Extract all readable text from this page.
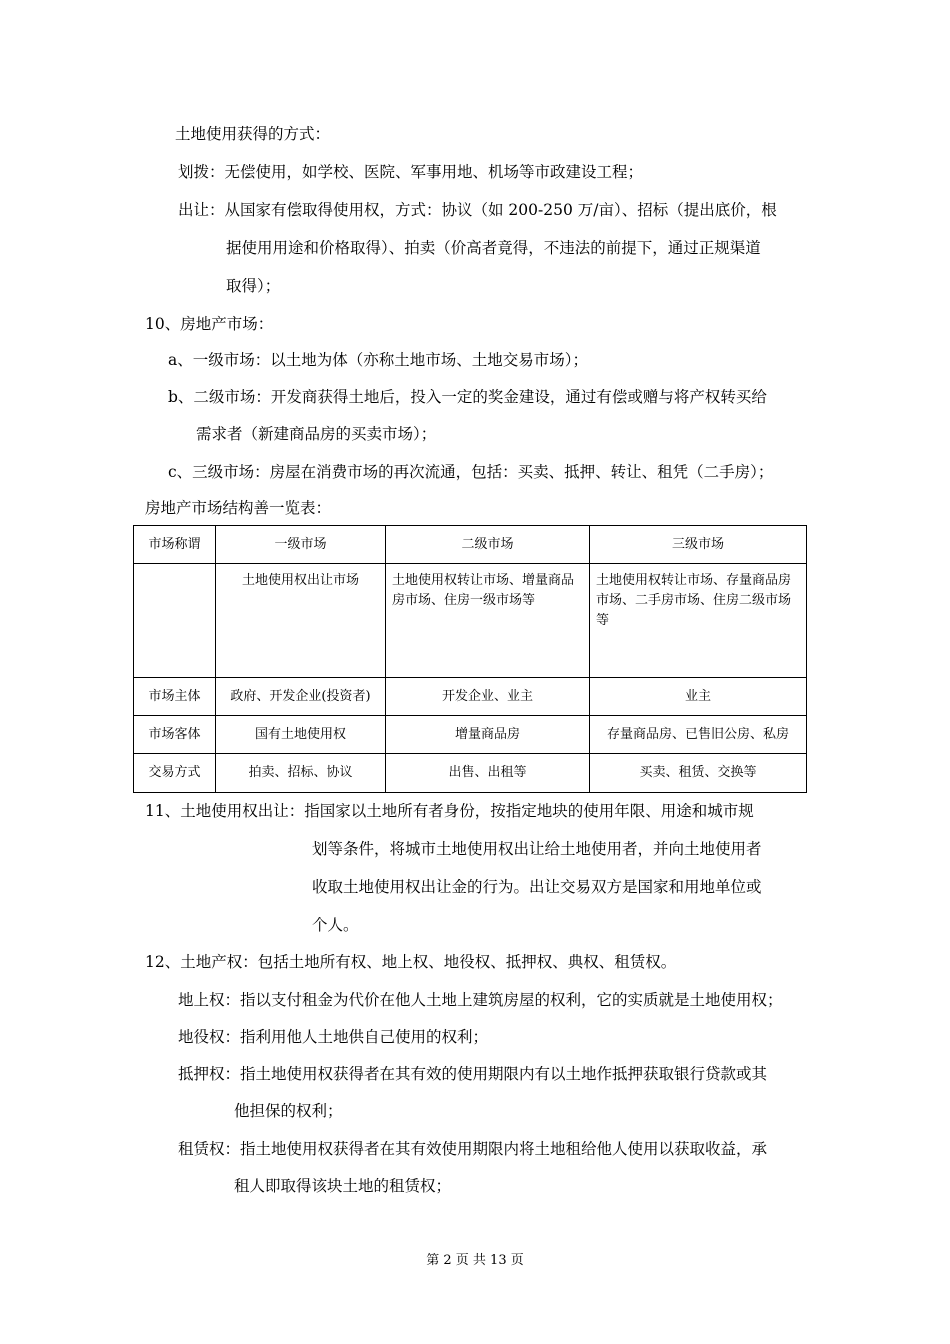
土地使用获得的方式：
划拨：无偿使用，如学校、医院、军事用地、机场等市政建设工程；
出让：从国家有偿取得使用权，方式：协议（如 200-250 万/亩）、招标（提出底价，根
据使用用途和价格取得）、拍卖（价高者竟得，不违法的前提下，通过正规渠道
取得）；
10、房地产市场：
a、一级市场：以土地为体（亦称土地市场、土地交易市场）；
b、二级市场：开发商获得土地后，投入一定的奖金建设，通过有偿或赠与将产权转买给
需求者（新建商品房的买卖市场）；
c、三级市场：房屋在消费市场的再次流通，包括：买卖、抵押、转让、租凭（二手房）；
房地产市场结构善一览表：
市场称谓	一级市场	二级市场	三级市场
	土地使用权出让市场	土地使用权转让市场、增量商品房市场、住房一级市场等	土地使用权转让市场、存量商品房市场、二手房市场、住房二级市场等
市场主体	政府、开发企业(投资者)	开发企业、业主	业主
市场客体	国有土地使用权	增量商品房	存量商品房、已售旧公房、私房
交易方式	拍卖、招标、协议	出售、出租等	买卖、租赁、交换等
11、土地使用权出让：指国家以土地所有者身份，按指定地块的使用年限、用途和城市规
划等条件，将城市土地使用权出让给土地使用者，并向土地使用者
收取土地使用权出让金的行为。出让交易双方是国家和用地单位或
个人。
12、土地产权：包括土地所有权、地上权、地役权、抵押权、典权、租赁权。
地上权：指以支付租金为代价在他人土地上建筑房屋的权利，它的实质就是土地使用权；
地役权：指利用他人土地供自己使用的权利；
抵押权：指土地使用权获得者在其有效的使用期限内有以土地作抵押获取银行贷款或其
他担保的权利；
租赁权：指土地使用权获得者在其有效使用期限内将土地租给他人使用以获取收益，承
租人即取得该块土地的租赁权；
第 2 页 共 13 页
